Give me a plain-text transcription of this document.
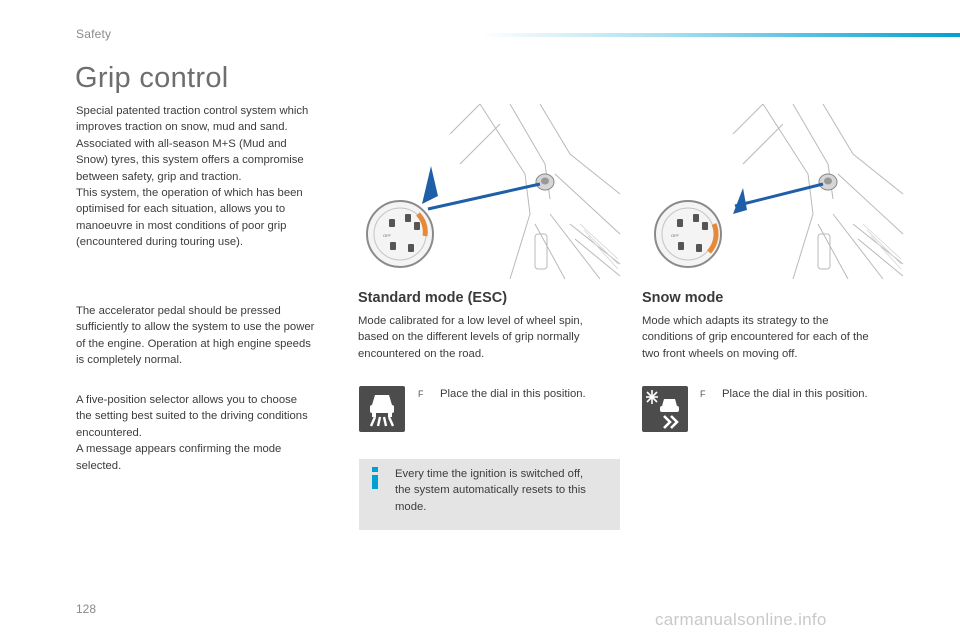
Safety
Grip control

Special patented traction control system which
improves traction on snow, mud and sand.
Associated with all-season M+S (Mud and
Snow) tyres, this system offers a compromise
between safety, grip and traction.
This system, the operation of which has been
optimised for each situation, allows you to
manoeuvre in most conditions of poor grip
(encountered during touring use).

The accelerator pedal should be pressed
sufficiently to allow the system to use the power
of the engine. Operation at high engine speeds
is completely normal.

A five-position selector allows you to choose
the setting best suited to the driving conditions
encountered.
A message appears confirming the mode
selected.

OFF	OFF
Standard mode (ESC)

Mode calibrated for a low level of wheel spin,
based on the different levels of grip normally
encountered on the road.

F Place the dial in this position.
Every time the ignition is switched off,
the system automatically resets to this
mode.
Snow mode

Mode which adapts its strategy to the
conditions of grip encountered for each of the
two front wheels on moving off.

F Place the dial in this position.
128
carmanualsonline.info
